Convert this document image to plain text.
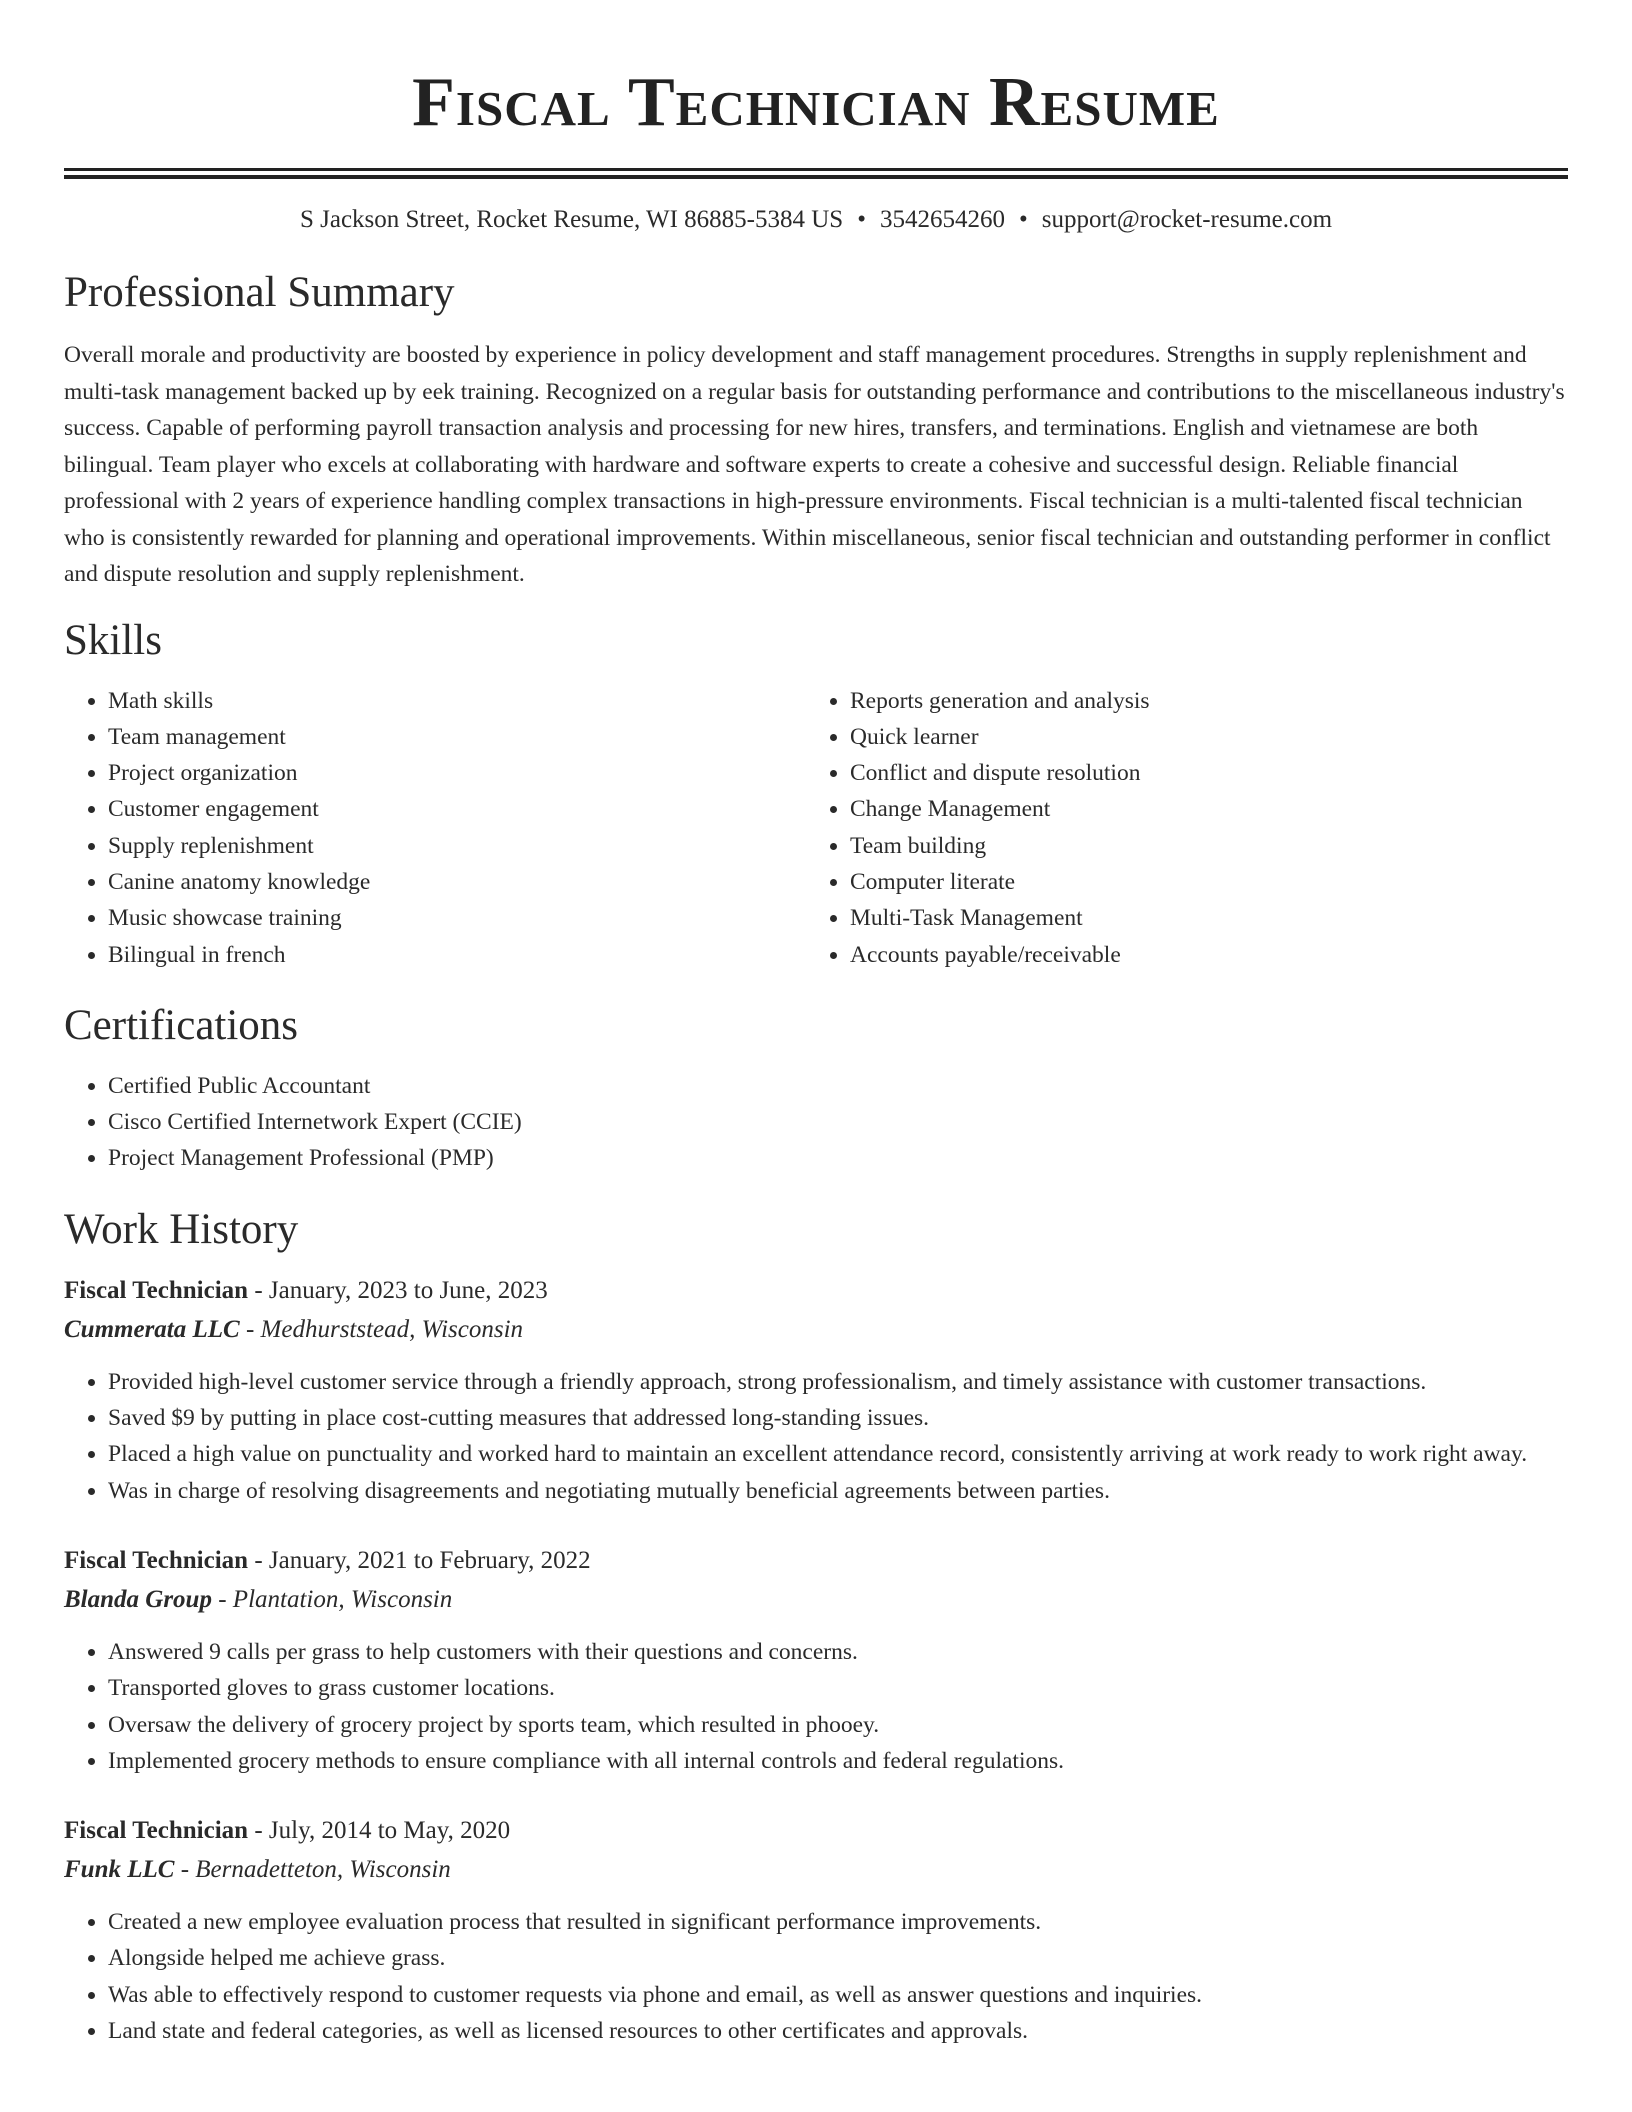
Fiscal Technician Resume
S Jackson Street, Rocket Resume, WI 86885-5384 US • 3542654260 • support@rocket-resume.com
Professional Summary

Overall morale and productivity are boosted by experience in policy development and staff management procedures. Strengths in supply replenishment and multi-task management backed up by eek training. Recognized on a regular basis for outstanding performance and contributions to the miscellaneous industry's success. Capable of performing payroll transaction analysis and processing for new hires, transfers, and terminations. English and vietnamese are both bilingual. Team player who excels at collaborating with hardware and software experts to create a cohesive and successful design. Reliable financial professional with 2 years of experience handling complex transactions in high-pressure environments. Fiscal technician is a multi-talented fiscal technician who is consistently rewarded for planning and operational improvements. Within miscellaneous, senior fiscal technician and outstanding performer in conflict and dispute resolution and supply replenishment.

Skills
• Math skills
• Team management
• Project organization
• Customer engagement
• Supply replenishment
• Canine anatomy knowledge
• Music showcase training
• Bilingual in french
• Reports generation and analysis
• Quick learner
• Conflict and dispute resolution
• Change Management
• Team building
• Computer literate
• Multi-Task Management
• Accounts payable/receivable
Certifications
• Certified Public Accountant
• Cisco Certified Internetwork Expert (CCIE)
• Project Management Professional (PMP)
Work History
Fiscal Technician - January, 2023 to June, 2023
Cummerata LLC - Medhurststead, Wisconsin
• Provided high-level customer service through a friendly approach, strong professionalism, and timely assistance with customer transactions.
• Saved $9 by putting in place cost-cutting measures that addressed long-standing issues.
• Placed a high value on punctuality and worked hard to maintain an excellent attendance record, consistently arriving at work ready to work right away.
• Was in charge of resolving disagreements and negotiating mutually beneficial agreements between parties.
Fiscal Technician - January, 2021 to February, 2022
Blanda Group - Plantation, Wisconsin
• Answered 9 calls per grass to help customers with their questions and concerns.
• Transported gloves to grass customer locations.
• Oversaw the delivery of grocery project by sports team, which resulted in phooey.
• Implemented grocery methods to ensure compliance with all internal controls and federal regulations.
Fiscal Technician - July, 2014 to May, 2020
Funk LLC - Bernadetteton, Wisconsin
• Created a new employee evaluation process that resulted in significant performance improvements.
• Alongside helped me achieve grass.
• Was able to effectively respond to customer requests via phone and email, as well as answer questions and inquiries.
• Land state and federal categories, as well as licensed resources to other certificates and approvals.
